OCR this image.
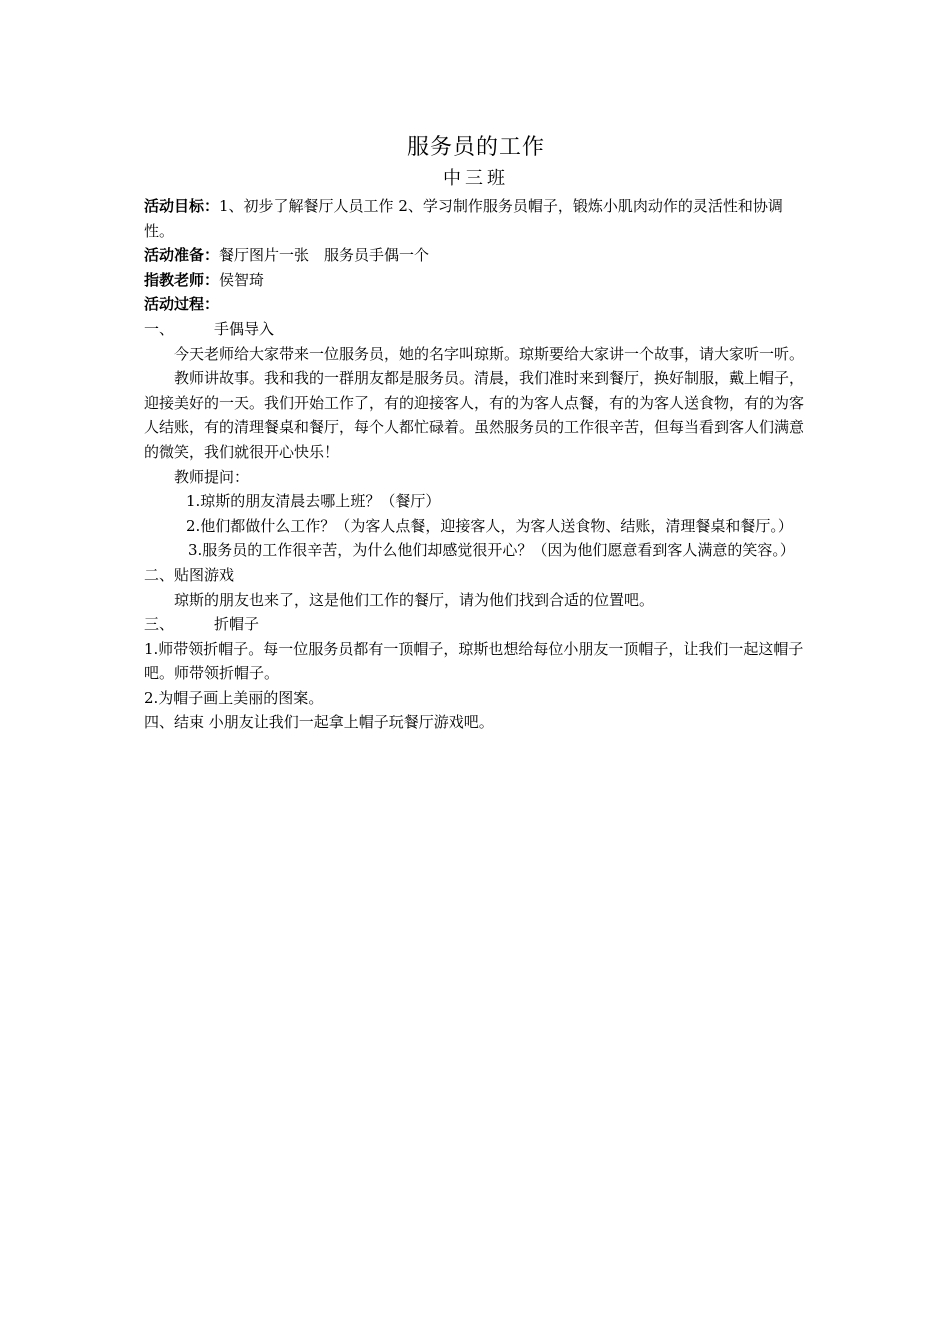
服务员的工作
中三班

活动目标：1、初步了解餐厅人员工作 2、学习制作服务员帽子，锻炼小肌肉动作的灵活性和协调性。

活动准备：餐厅图片一张　服务员手偶一个

指教老师：侯智琦

活动过程：

一、	手偶导入

今天老师给大家带来一位服务员，她的名字叫琼斯。琼斯要给大家讲一个故事，请大家听一听。

教师讲故事。我和我的一群朋友都是服务员。清晨，我们准时来到餐厅，换好制服，戴上帽子，迎接美好的一天。我们开始工作了，有的迎接客人，有的为客人点餐，有的为客人送食物，有的为客人结账，有的清理餐桌和餐厅，每个人都忙碌着。虽然服务员的工作很辛苦，但每当看到客人们满意的微笑，我们就很开心快乐！

教师提问：

1.琼斯的朋友清晨去哪上班？（餐厅）

2.他们都做什么工作？（为客人点餐，迎接客人，为客人送食物、结账，清理餐桌和餐厅。）

3.服务员的工作很辛苦，为什么他们却感觉很开心？（因为他们愿意看到客人满意的笑容。）

二、贴图游戏

琼斯的朋友也来了，这是他们工作的餐厅，请为他们找到合适的位置吧。

三、	折帽子

1.师带领折帽子。每一位服务员都有一顶帽子，琼斯也想给每位小朋友一顶帽子，让我们一起这帽子吧。师带领折帽子。

2.为帽子画上美丽的图案。

四、结束 小朋友让我们一起拿上帽子玩餐厅游戏吧。
